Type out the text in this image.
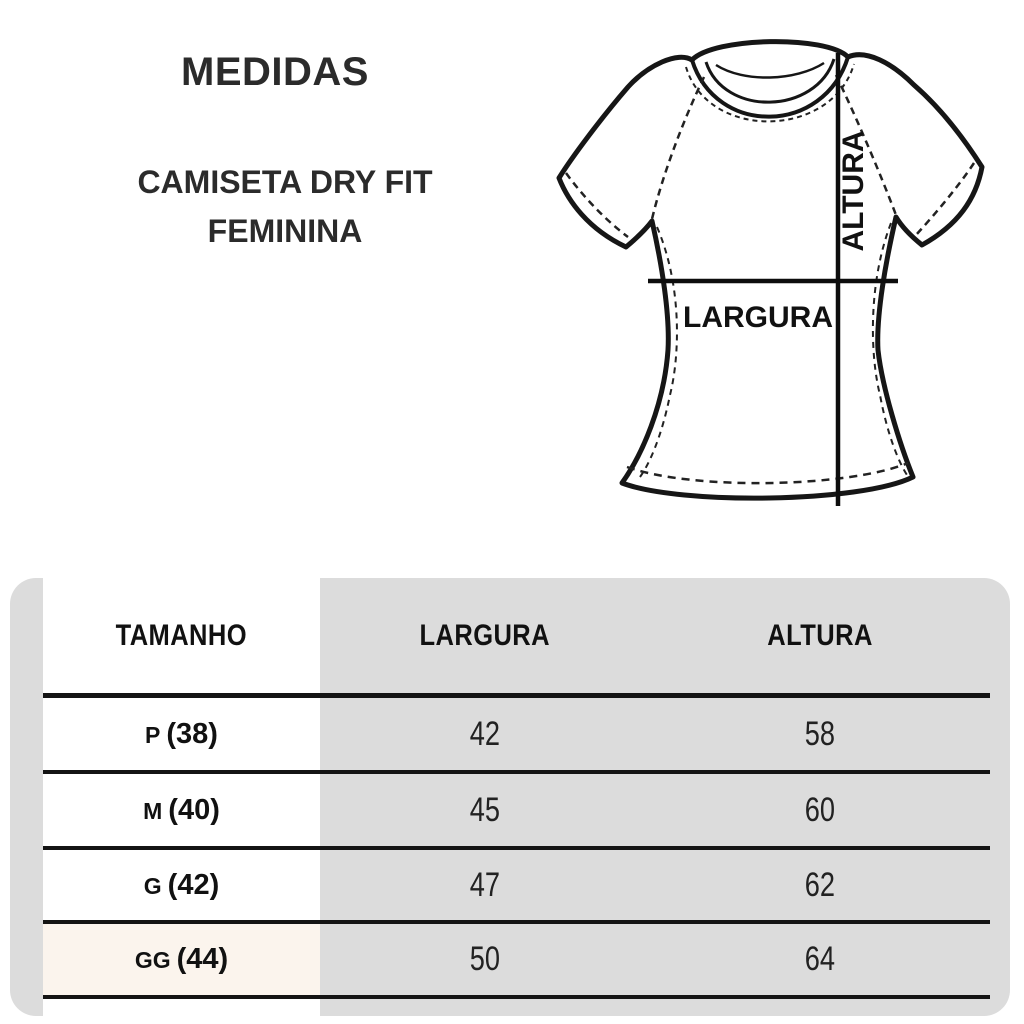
MEDIDAS
CAMISETA DRY FIT
FEMININA
LARGURA
ALTURA
TAMANHO	LARGURA	ALTURA
P (38)	42	58
M (40)	45	60
G (42)	47	62
GG (44)	50	64
